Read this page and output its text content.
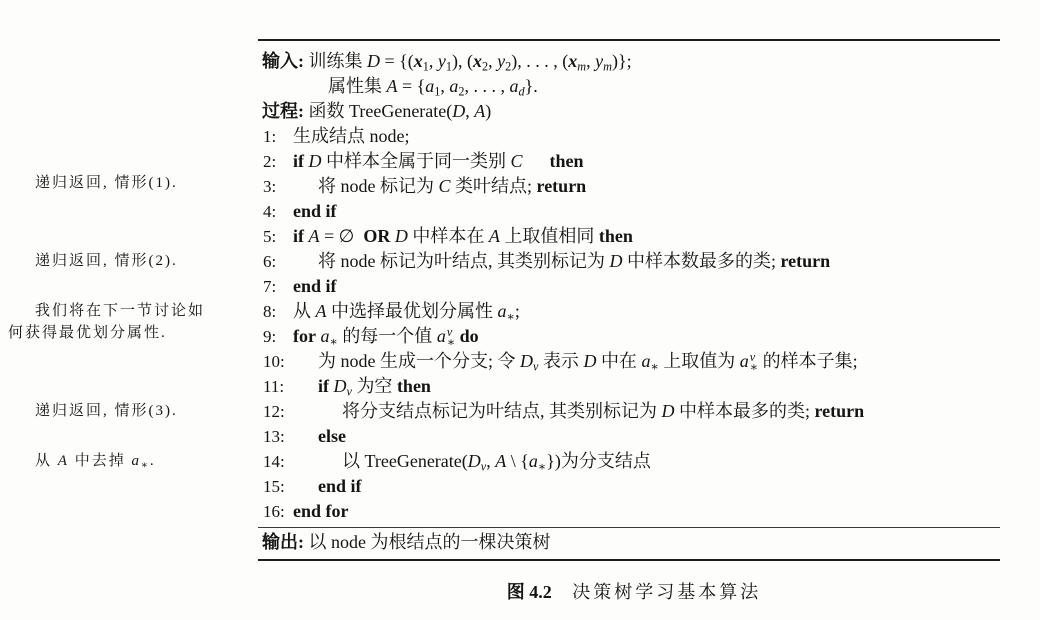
递归返回, 情形(1).
递归返回, 情形(2).
我们将在下一节讨论如
何获得最优划分属性.
递归返回, 情形(3).
从 A 中去掉 a∗.
输入: 训练集 D = {(x1, y1), (x2, y2), . . . , (xm, ym)};
属性集 A = {a1, a2, . . . , ad}.
过程: 函数 TreeGenerate(D, A)
1: 生成结点 node;
2: if D 中样本全属于同一类别 C   then
3: 将 node 标记为 C 类叶结点; return
4: end if
5: if A = ∅  OR D 中样本在 A 上取值相同 then
6: 将 node 标记为叶结点, 其类别标记为 D 中样本数最多的类; return
7: end if
8: 从 A 中选择最优划分属性 a∗;
9: for a∗ 的每一个值 a v
∗ do
10: 为 node 生成一个分支; 令 Dv 表示 D 中在 a∗ 上取值为 a v
∗ 的样本子集;
11: if Dv 为空 then
12:	将分支结点标记为叶结点, 其类别标记为 D 中样本最多的类; return
13: else
14:	以 TreeGenerate(Dv, A \ {a∗})为分支结点
15: end if
16: end for
输出: 以 node 为根结点的一棵决策树
图 4.2 决策树学习基本算法
